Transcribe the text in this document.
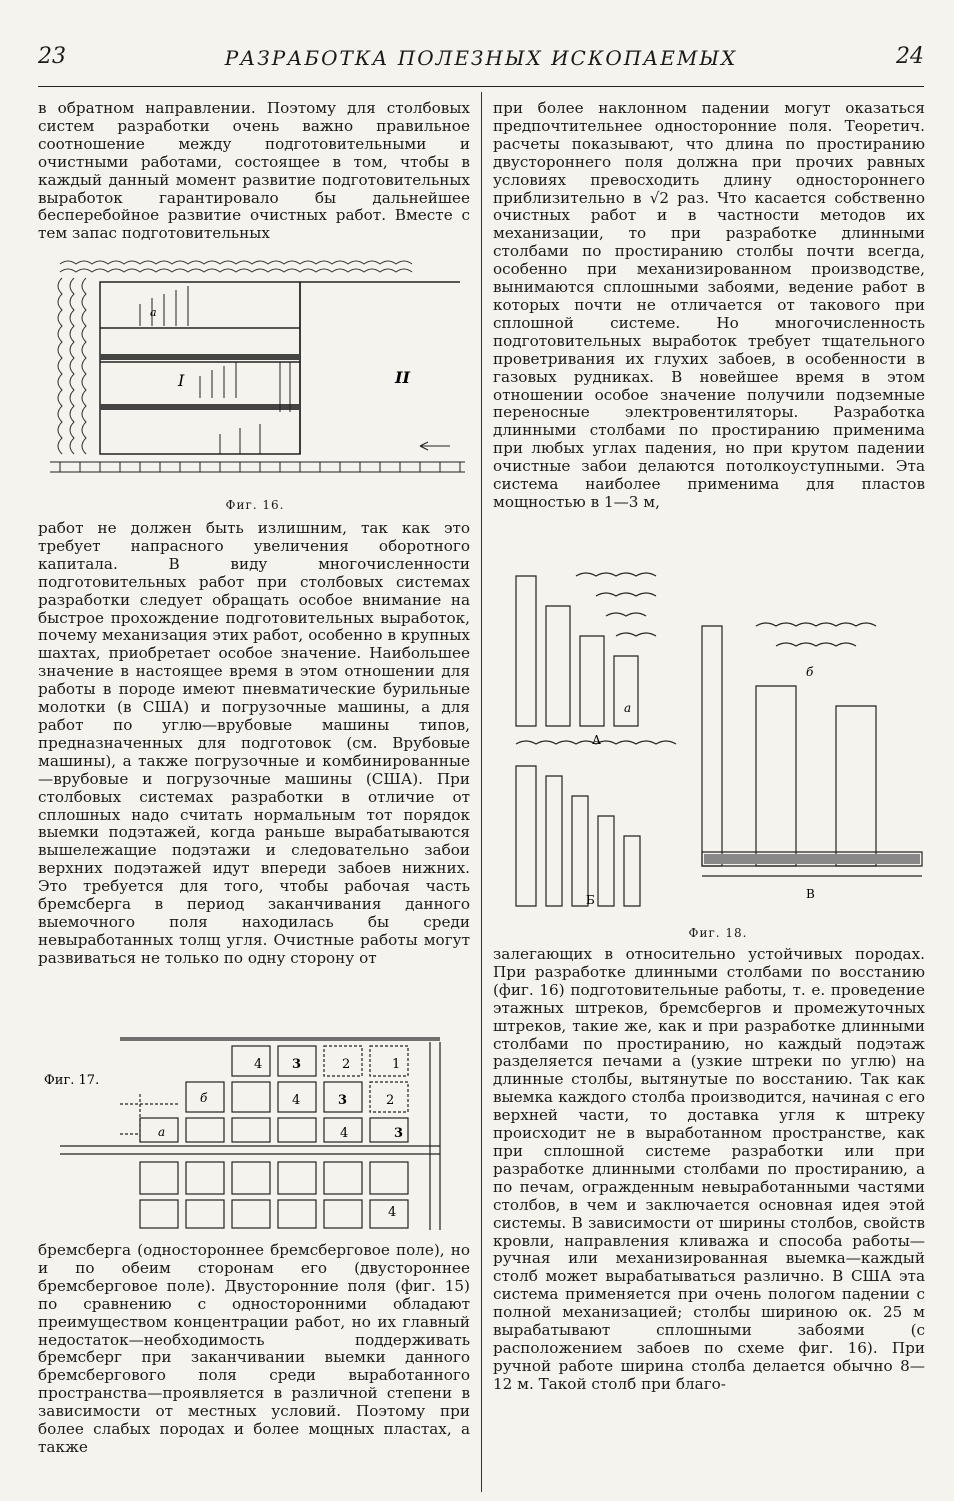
23	РАЗРАБОТКА ПОЛЕЗНЫХ ИСКОПАЕМЫХ	24

в обратном направлении. Поэтому для столбовых систем разработки очень важно правильное соотношение между подготовительными и очистными работами, состоящее в том, чтобы в каждый данный момент развитие подготовительных выработок гарантировало бы дальнейшее бесперебойное развитие очистных работ. Вместе с тем запас подготовительных

I	II
a
Фиг. 16.

работ не должен быть излишним, так как это требует напрасного увеличения оборотного капитала. В виду многочисленности подготовительных работ при столбовых системах разработки следует обращать особое внимание на быстрое прохождение подготовительных выработок, почему механизация этих работ, особенно в крупных шахтах, приобретает особое значение. Наибольшее значение в настоящее время в этом отношении для работы в породе имеют пневматические бурильные молотки (в США) и погрузочные машины, а для работ по углю—врубовые машины типов, предназначенных для подготовок (см. Врубовые машины), а также погрузочные и комбинированные—врубовые и погрузочные машины (США). При столбовых системах разработки в отличие от сплошных надо считать нормальным тот порядок выемки подэтажей, когда раньше вырабатываются вышележащие подэтажи и следовательно забои верхних подэтажей идут впереди забоев нижних. Это требуется для того, чтобы рабочая часть бремсберга в период заканчивания данного выемочного поля находилась бы среди невыработанных толщ угля. Очистные работы могут развиваться не только по одну сторону от

Фиг. 17.
4 3	2	1
4	3	2
4	3
4
б
а

бремсберга (одностороннее бремсберговое поле), но и по обеим сторонам его (двустороннее бремсберговое поле). Двусторонние поля (фиг. 15) по сравнению с односторонними обладают преимуществом концентрации работ, но их главный недостаток—необходимость поддерживать бремсберг при заканчивании выемки данного бремсбергового поля среди выработанного пространства—проявляется в различной степени в зависимости от местных условий. Поэтому при более слабых породах и более мощных пластах, а также

при более наклонном падении могут оказаться предпочтительнее односторонние поля. Теоретич. расчеты показывают, что длина по простиранию двустороннего поля должна при прочих равных условиях превосходить длину одностороннего приблизительно в √2 раз. Что касается собственно очистных работ и в частности методов их механизации, то при разработке длинными столбами по простиранию столбы почти всегда, особенно при механизированном производстве, вынимаются сплошными забоями, ведение работ в которых почти не отличается от такового при сплошной системе. Но многочисленность подготовительных выработок требует тщательного проветривания их глухих забоев, в особенности в газовых рудниках. В новейшее время в этом отношении особое значение получили подземные переносные электровентиляторы. Разработка длинными столбами по простиранию применима при любых углах падения, но при крутом падении очистные забои делаются потолкоуступными. Эта система наиболее применима для пластов мощностью в 1—3 м,

А
Б	В
а
б
Фиг. 18.

залегающих в относительно устойчивых породах. При разработке длинными столбами по восстанию (фиг. 16) подготовительные работы, т. е. проведение этажных штреков, бремсбергов и промежуточных штреков, такие же, как и при разработке длинными столбами по простиранию, но каждый подэтаж разделяется печами a (узкие штреки по углю) на длинные столбы, вытянутые по восстанию. Так как выемка каждого столба производится, начиная с его верхней части, то доставка угля к штреку происходит не в выработанном пространстве, как при сплошной системе разработки или при разработке длинными столбами по простиранию, а по печам, огражденным невыработанными частями столбов, в чем и заключается основная идея этой системы. В зависимости от ширины столбов, свойств кровли, направления кливажа и способа работы—ручная или механизированная выемка—каждый столб может вырабатываться различно. В США эта система применяется при очень пологом падении с полной механизацией; столбы шириною ок. 25 м вырабатывают сплошными забоями (с расположением забоев по схеме фиг. 16). При ручной работе ширина столба делается обычно 8—12 м. Такой столб при благо-
